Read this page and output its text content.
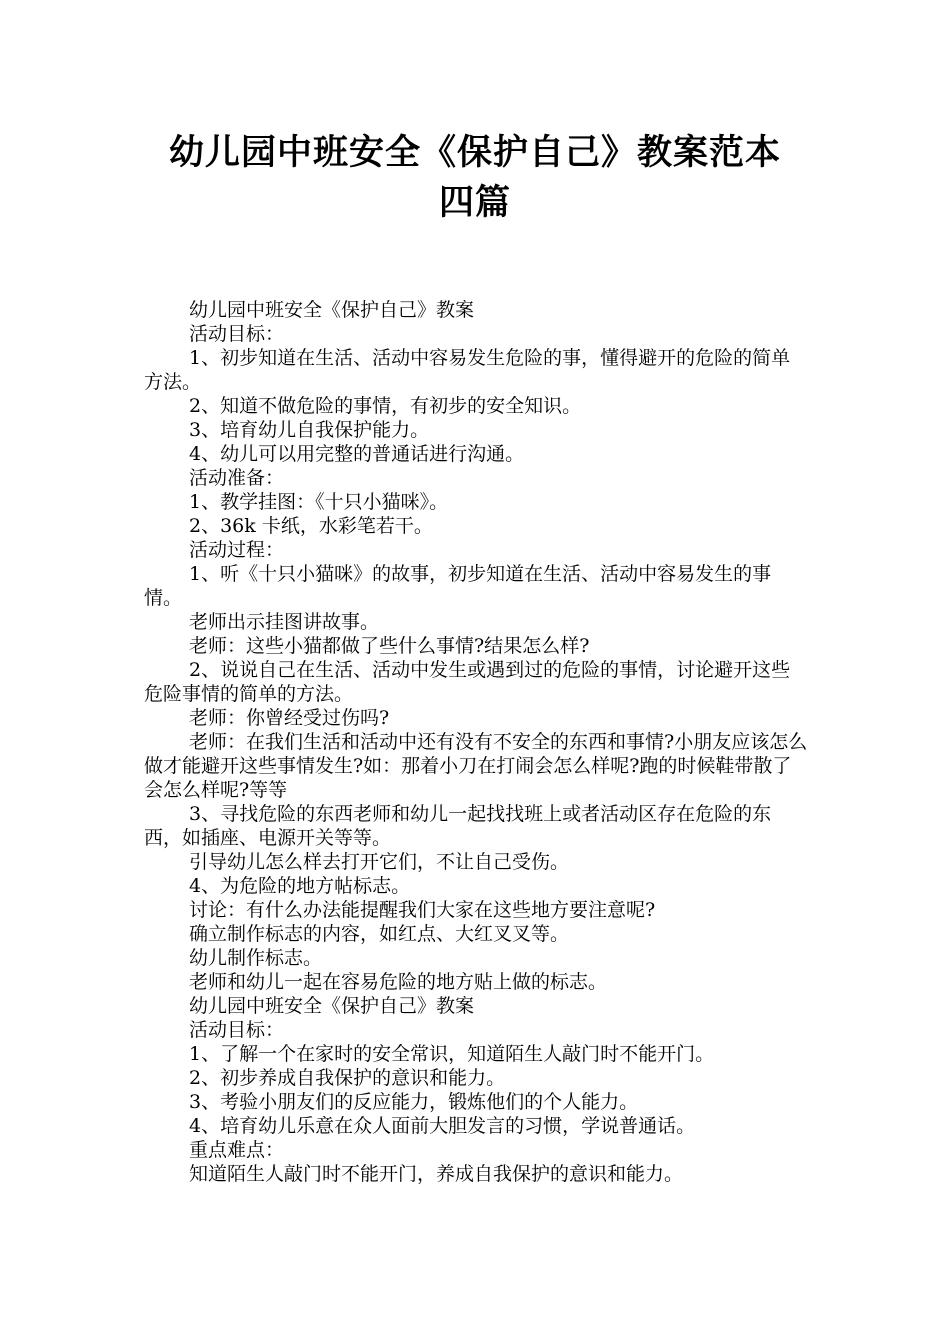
幼儿园中班安全《保护自己》教案范本
四篇

幼儿园中班安全《保护自己》教案

活动目标：

1、初步知道在生活、活动中容易发生危险的事，懂得避开的危险的简单方法。

2、知道不做危险的事情，有初步的安全知识。

3、培育幼儿自我保护能力。

4、幼儿可以用完整的普通话进行沟通。

活动准备：

1、教学挂图：《十只小猫咪》。

2、36k 卡纸，水彩笔若干。

活动过程：

1、听《十只小猫咪》的故事，初步知道在生活、活动中容易发生的事情。

老师出示挂图讲故事。

老师：这些小猫都做了些什么事情?结果怎么样?

2、说说自己在生活、活动中发生或遇到过的危险的事情，讨论避开这些危险事情的简单的方法。

老师：你曾经受过伤吗?

老师：在我们生活和活动中还有没有不安全的东西和事情?小朋友应该怎么做才能避开这些事情发生?如：那着小刀在打闹会怎么样呢?跑的时候鞋带散了会怎么样呢?等等

3、寻找危险的东西老师和幼儿一起找找班上或者活动区存在危险的东西，如插座、电源开关等等。

引导幼儿怎么样去打开它们，不让自己受伤。

4、为危险的地方帖标志。

讨论：有什么办法能提醒我们大家在这些地方要注意呢?

确立制作标志的内容，如红点、大红叉叉等。

幼儿制作标志。

老师和幼儿一起在容易危险的地方贴上做的标志。

幼儿园中班安全《保护自己》教案

活动目标：

1、了解一个在家时的安全常识，知道陌生人敲门时不能开门。

2、初步养成自我保护的意识和能力。

3、考验小朋友们的反应能力，锻炼他们的个人能力。

4、培育幼儿乐意在众人面前大胆发言的习惯，学说普通话。

重点难点：

知道陌生人敲门时不能开门，养成自我保护的意识和能力。
